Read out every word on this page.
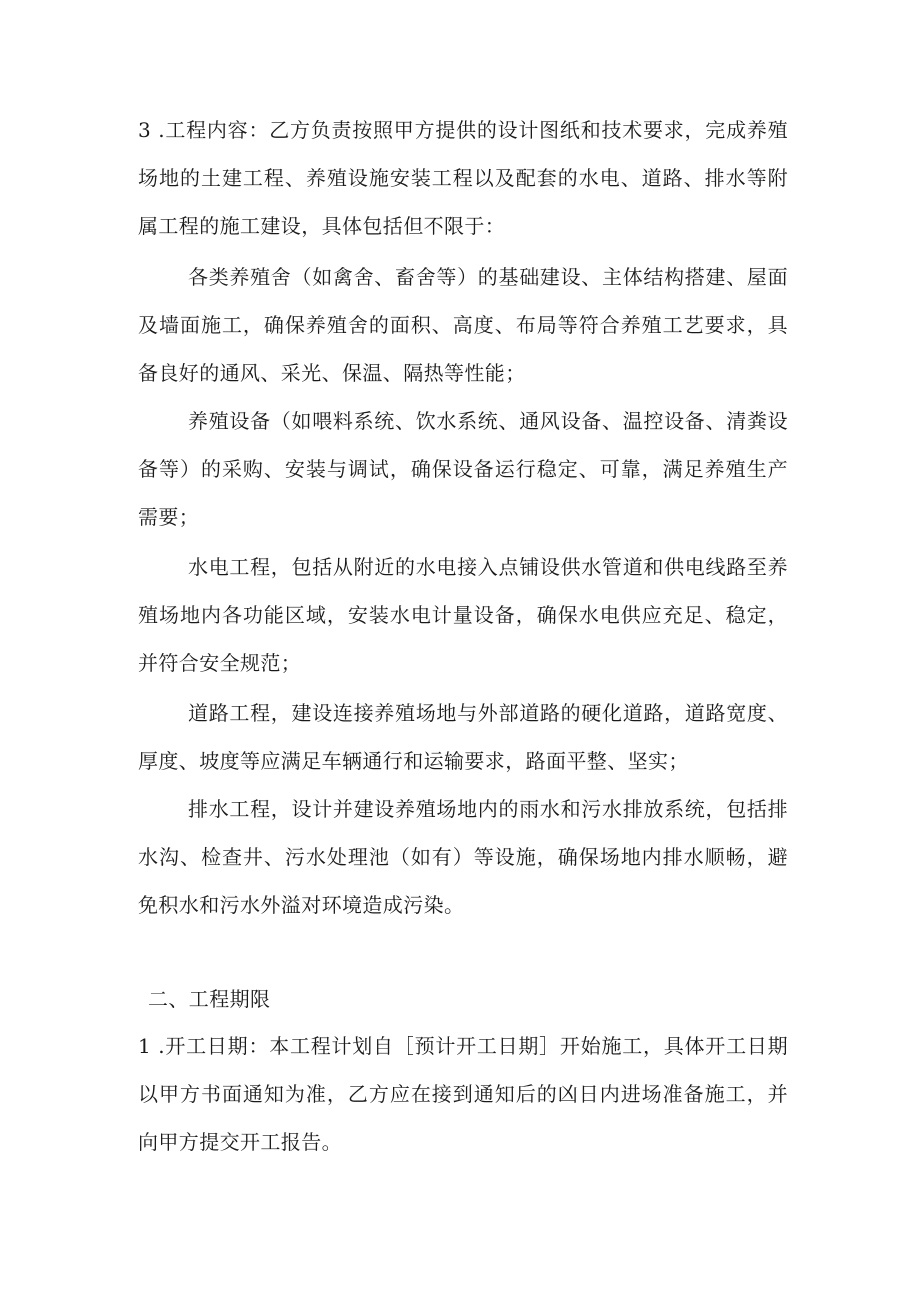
3 .工程内容：乙方负责按照甲方提供的设计图纸和技术要求，完成养殖场地的土建工程、养殖设施安装工程以及配套的水电、道路、排水等附属工程的施工建设，具体包括但不限于：

各类养殖舍（如禽舍、畜舍等）的基础建设、主体结构搭建、屋面及墙面施工，确保养殖舍的面积、高度、布局等符合养殖工艺要求，具备良好的通风、采光、保温、隔热等性能；

养殖设备（如喂料系统、饮水系统、通风设备、温控设备、清粪设备等）的采购、安装与调试，确保设备运行稳定、可靠，满足养殖生产需要；

水电工程，包括从附近的水电接入点铺设供水管道和供电线路至养殖场地内各功能区域，安装水电计量设备，确保水电供应充足、稳定，并符合安全规范；

道路工程，建设连接养殖场地与外部道路的硬化道路，道路宽度、厚度、坡度等应满足车辆通行和运输要求，路面平整、坚实；

排水工程，设计并建设养殖场地内的雨水和污水排放系统，包括排水沟、检查井、污水处理池（如有）等设施，确保场地内排水顺畅，避免积水和污水外溢对环境造成污染。

二、工程期限

1 .开工日期：本工程计划自［预计开工日期］开始施工，具体开工日期以甲方书面通知为准，乙方应在接到通知后的凶日内进场准备施工，并向甲方提交开工报告。
